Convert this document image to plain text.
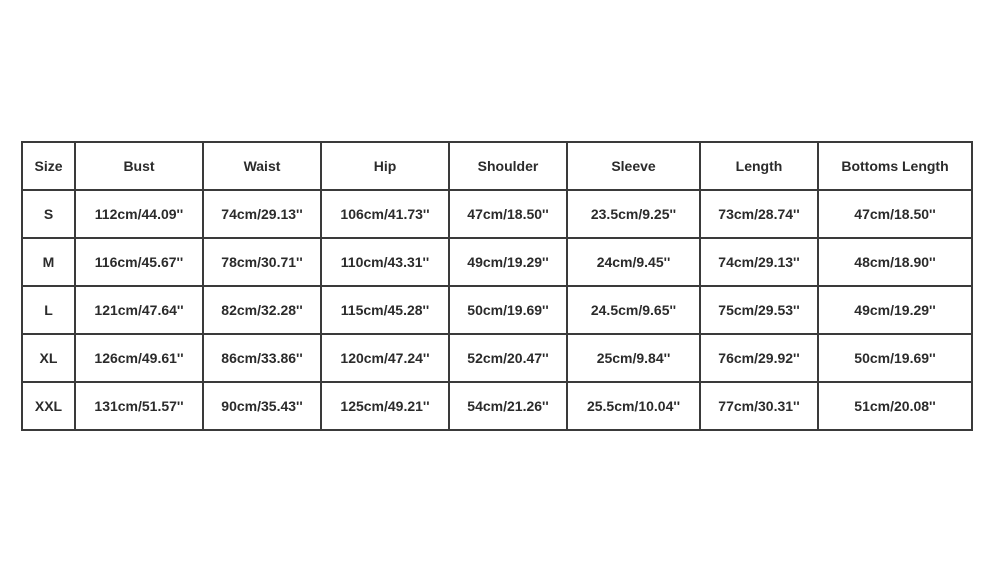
Size	Bust	Waist	Hip	Shoulder	Sleeve	Length	Bottoms Length
S	112cm/44.09''	74cm/29.13''	106cm/41.73''	47cm/18.50''	23.5cm/9.25''	73cm/28.74''	47cm/18.50''
M	116cm/45.67''	78cm/30.71''	110cm/43.31''	49cm/19.29''	24cm/9.45''	74cm/29.13''	48cm/18.90''
L	121cm/47.64''	82cm/32.28''	115cm/45.28''	50cm/19.69''	24.5cm/9.65''	75cm/29.53''	49cm/19.29''
XL	126cm/49.61''	86cm/33.86''	120cm/47.24''	52cm/20.47''	25cm/9.84''	76cm/29.92''	50cm/19.69''
XXL	131cm/51.57''	90cm/35.43''	125cm/49.21''	54cm/21.26''	25.5cm/10.04''	77cm/30.31''	51cm/20.08''
